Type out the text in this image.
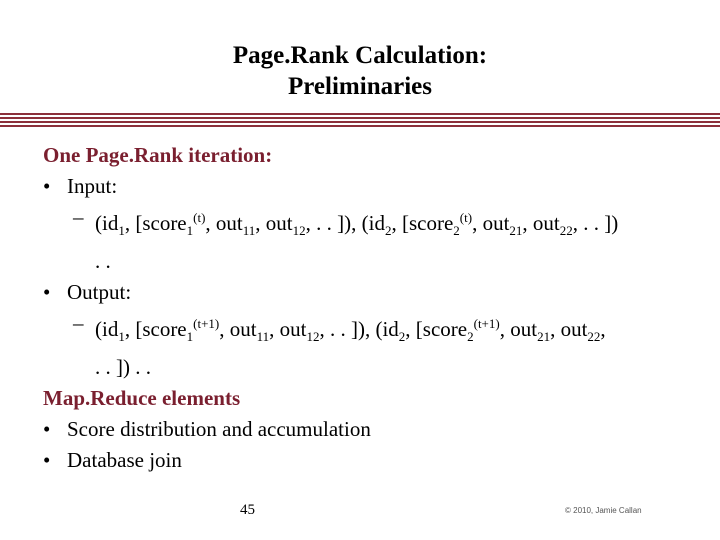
Page.Rank Calculation:
Preliminaries
One Page.Rank iteration:
• Input:
– ($id_1$, [score$_1^{(t)}$, out$_{11}$, out$_{12}$, . . ]), ($id_2$, [score$_2^{(t)}$, out$_{21}$, out$_{22}$, . . ])
. .
• Output:
– ($id_1$, [score$_1^{(t+1)}$, out$_{11}$, out$_{12}$, . . ]), ($id_2$, [score$_2^{(t+1)}$, out$_{21}$, out$_{22}$,
. . ]) . .
Map.Reduce elements
• Score distribution and accumulation
• Database join
45	© 2010, Jamie Callan
